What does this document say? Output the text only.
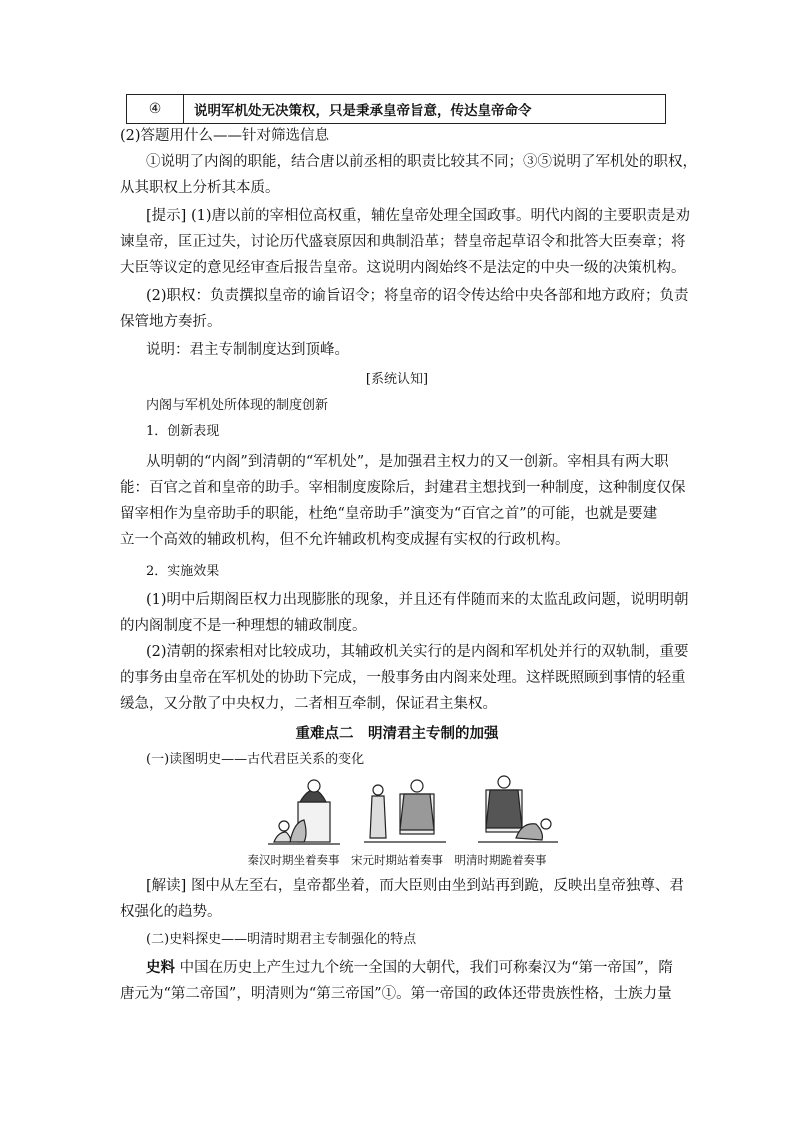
④	说明军机处无决策权，只是秉承皇帝旨意，传达皇帝命令
(2)答题用什么——针对筛选信息
①说明了内阁的职能，结合唐以前丞相的职责比较其不同；③⑤说明了军机处的职权，
从其职权上分析其本质。
[提示] (1)唐以前的宰相位高权重，辅佐皇帝处理全国政事。明代内阁的主要职责是劝
谏皇帝，匡正过失，讨论历代盛衰原因和典制沿革；替皇帝起草诏令和批答大臣奏章；将
大臣等议定的意见经审查后报告皇帝。这说明内阁始终不是法定的中央一级的决策机构。
(2)职权：负责撰拟皇帝的谕旨诏令；将皇帝的诏令传达给中央各部和地方政府；负责
保管地方奏折。
说明：君主专制制度达到顶峰。
[系统认知]
内阁与军机处所体现的制度创新
1．创新表现
从明朝的“内阁”到清朝的“军机处”，是加强君主权力的又一创新。宰相具有两大职
能：百官之首和皇帝的助手。宰相制度废除后，封建君主想找到一种制度，这种制度仅保
留宰相作为皇帝助手的职能，杜绝“皇帝助手”演变为“百官之首”的可能，也就是要建
立一个高效的辅政机构，但不允许辅政机构变成握有实权的行政机构。
2．实施效果
(1)明中后期阁臣权力出现膨胀的现象，并且还有伴随而来的太监乱政问题，说明明朝
的内阁制度不是一种理想的辅政制度。
(2)清朝的探索相对比较成功，其辅政机关实行的是内阁和军机处并行的双轨制，重要
的事务由皇帝在军机处的协助下完成，一般事务由内阁来处理。这样既照顾到事情的轻重
缓急，又分散了中央权力，二者相互牵制，保证君主集权。
重难点二　明清君主专制的加强
(一)读图明史——古代君臣关系的变化
秦汉时期坐着奏事　宋元时期站着奏事　明清时期跪着奏事
[解读] 图中从左至右，皇帝都坐着，而大臣则由坐到站再到跪，反映出皇帝独尊、君
权强化的趋势。
(二)史料探史——明清时期君主专制强化的特点
史料 中国在历史上产生过九个统一全国的大朝代，我们可称秦汉为“第一帝国”，隋
唐元为“第二帝国”，明清则为“第三帝国”①。第一帝国的政体还带贵族性格，士族力量
